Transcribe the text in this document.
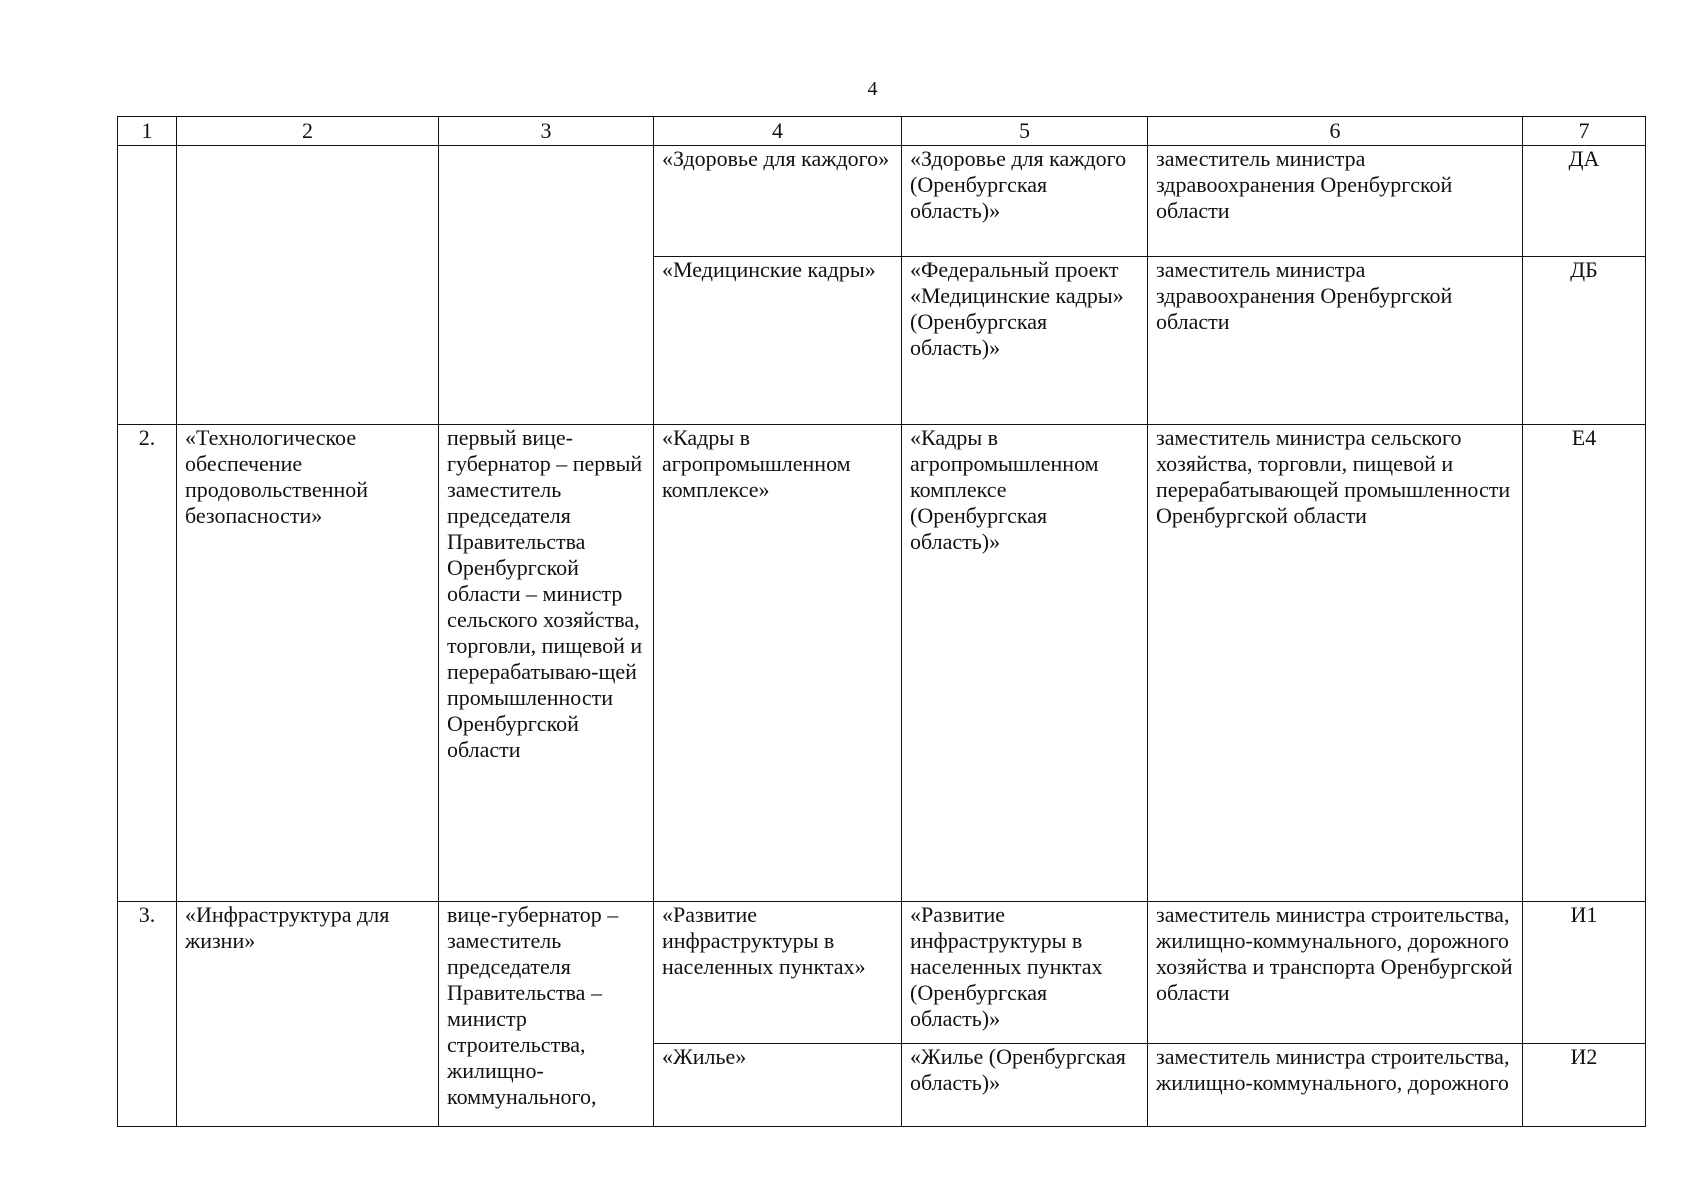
4
1	2	3	4	5	6	7
			«Здоровье для каждого»	«Здоровье для каждого (Оренбургская область)»	заместитель министра здравоохранения Оренбургской области	ДА
			«Медицинские кадры»	«Федеральный проект «Медицинские кадры» (Оренбургская область)»	заместитель министра здравоохранения Оренбургской области	ДБ
2.	«Технологическое обеспечение продовольственной безопасности»	первый вице-губернатор – первый заместитель председателя Правительства Оренбургской области – министр сельского хозяйства, торговли, пищевой и перерабатываю-щей промышленности Оренбургской области	«Кадры в агропромышленном комплексе»	«Кадры в агропромышленном комплексе (Оренбургская область)»	заместитель министра сельского хозяйства, торговли, пищевой и перерабатывающей промышленности Оренбургской области	Е4
3.	«Инфраструктура для жизни»	вице-губернатор – заместитель председателя Правительства – министр строительства, жилищно-коммунального,	«Развитие инфраструктуры в населенных пунктах»	«Развитие инфраструктуры в населенных пунктах (Оренбургская область)»	заместитель министра строительства, жилищно-коммунального, дорожного хозяйства и транспорта Оренбургской области	И1
			«Жилье»	«Жилье (Оренбургская область)»	заместитель министра строительства, жилищно-коммунального, дорожного	И2
